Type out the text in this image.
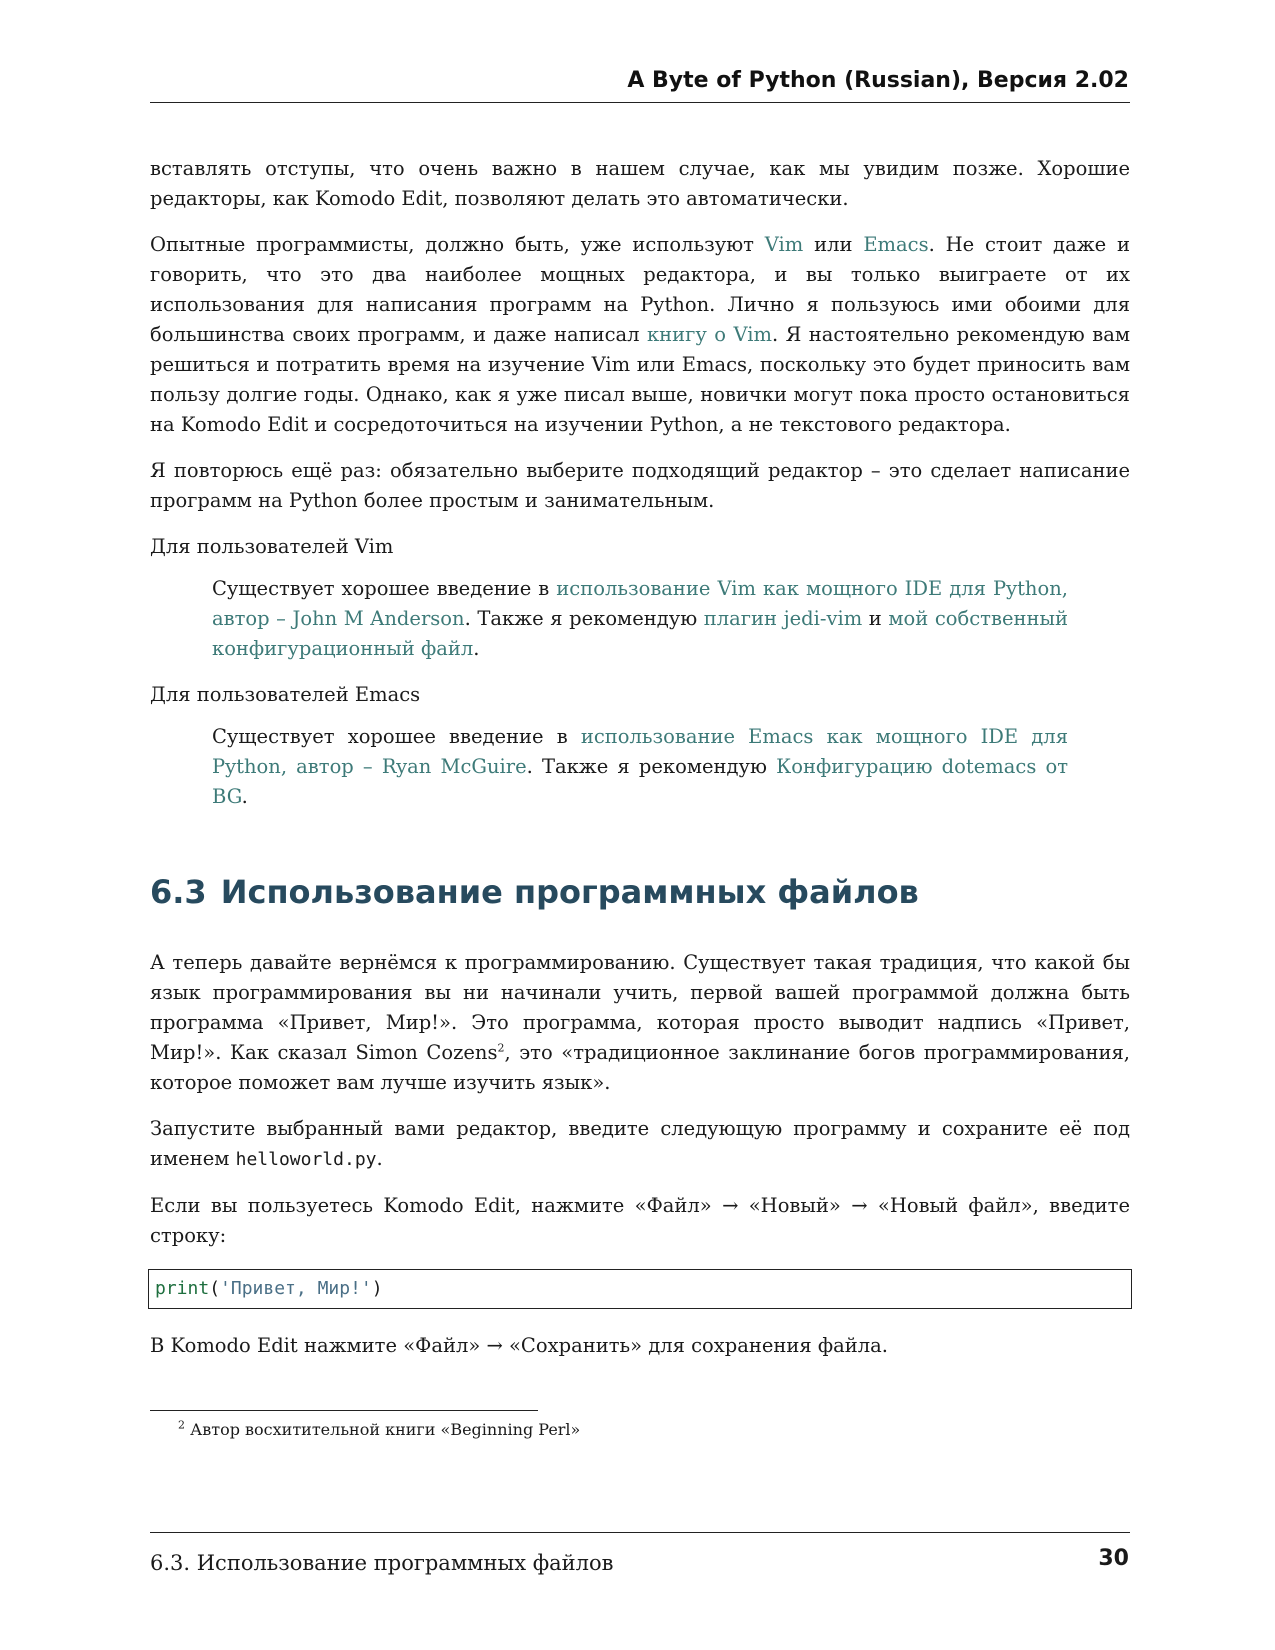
A Byte of Python (Russian), Версия 2.02

вставлять отступы, что очень важно в нашем случае, как мы увидим позже. Хорошие редакторы, как Komodo Edit, позволяют делать это автоматически.

Опытные программисты, должно быть, уже используют Vim или Emacs. Не стоит даже и говорить, что это два наиболее мощных редактора, и вы только выиграете от их использования для написания программ на Python. Лично я пользуюсь ими обоими для большинства своих программ, и даже написал книгу о Vim. Я настоятельно рекомендую вам решиться и потратить время на изучение Vim или Emacs, поскольку это будет приносить вам пользу долгие годы. Однако, как я уже писал выше, новички могут пока просто остановиться на Komodo Edit и сосредоточиться на изучении Python, а не текстового редактора.

Я повторюсь ещё раз: обязательно выберите подходящий редактор – это сделает написание программ на Python более простым и занимательным.

Для пользователей Vim

Существует хорошее введение в использование Vim как мощного IDE для Python, автор – John M Anderson. Также я рекомендую плагин jedi-vim и мой собственный конфигурационный файл.

Для пользователей Emacs

Существует хорошее введение в использование Emacs как мощного IDE для Python, автор – Ryan McGuire. Также я рекомендую Конфигурацию dotemacs от BG.

6.3 Использование программных файлов

А теперь давайте вернёмся к программированию. Существует такая традиция, что какой бы язык программирования вы ни начинали учить, первой вашей программой должна быть программа «Привет, Мир!». Это программа, которая просто выводит надпись «Привет, Мир!». Как сказал Simon Cozens$^2$, это «традиционное заклинание богов программирования, которое поможет вам лучше изучить язык».

Запустите выбранный вами редактор, введите следующую программу и сохраните её под именем helloworld.py.

Если вы пользуетесь Komodo Edit, нажмите «Файл» → «Новый» → «Новый файл», введите строку:

print('Привет, Мир!')

В Komodo Edit нажмите «Файл» → «Сохранить» для сохранения файла.

$^2$ Автор восхитительной книги «Beginning Perl»
6.3. Использование программных файлов	30
